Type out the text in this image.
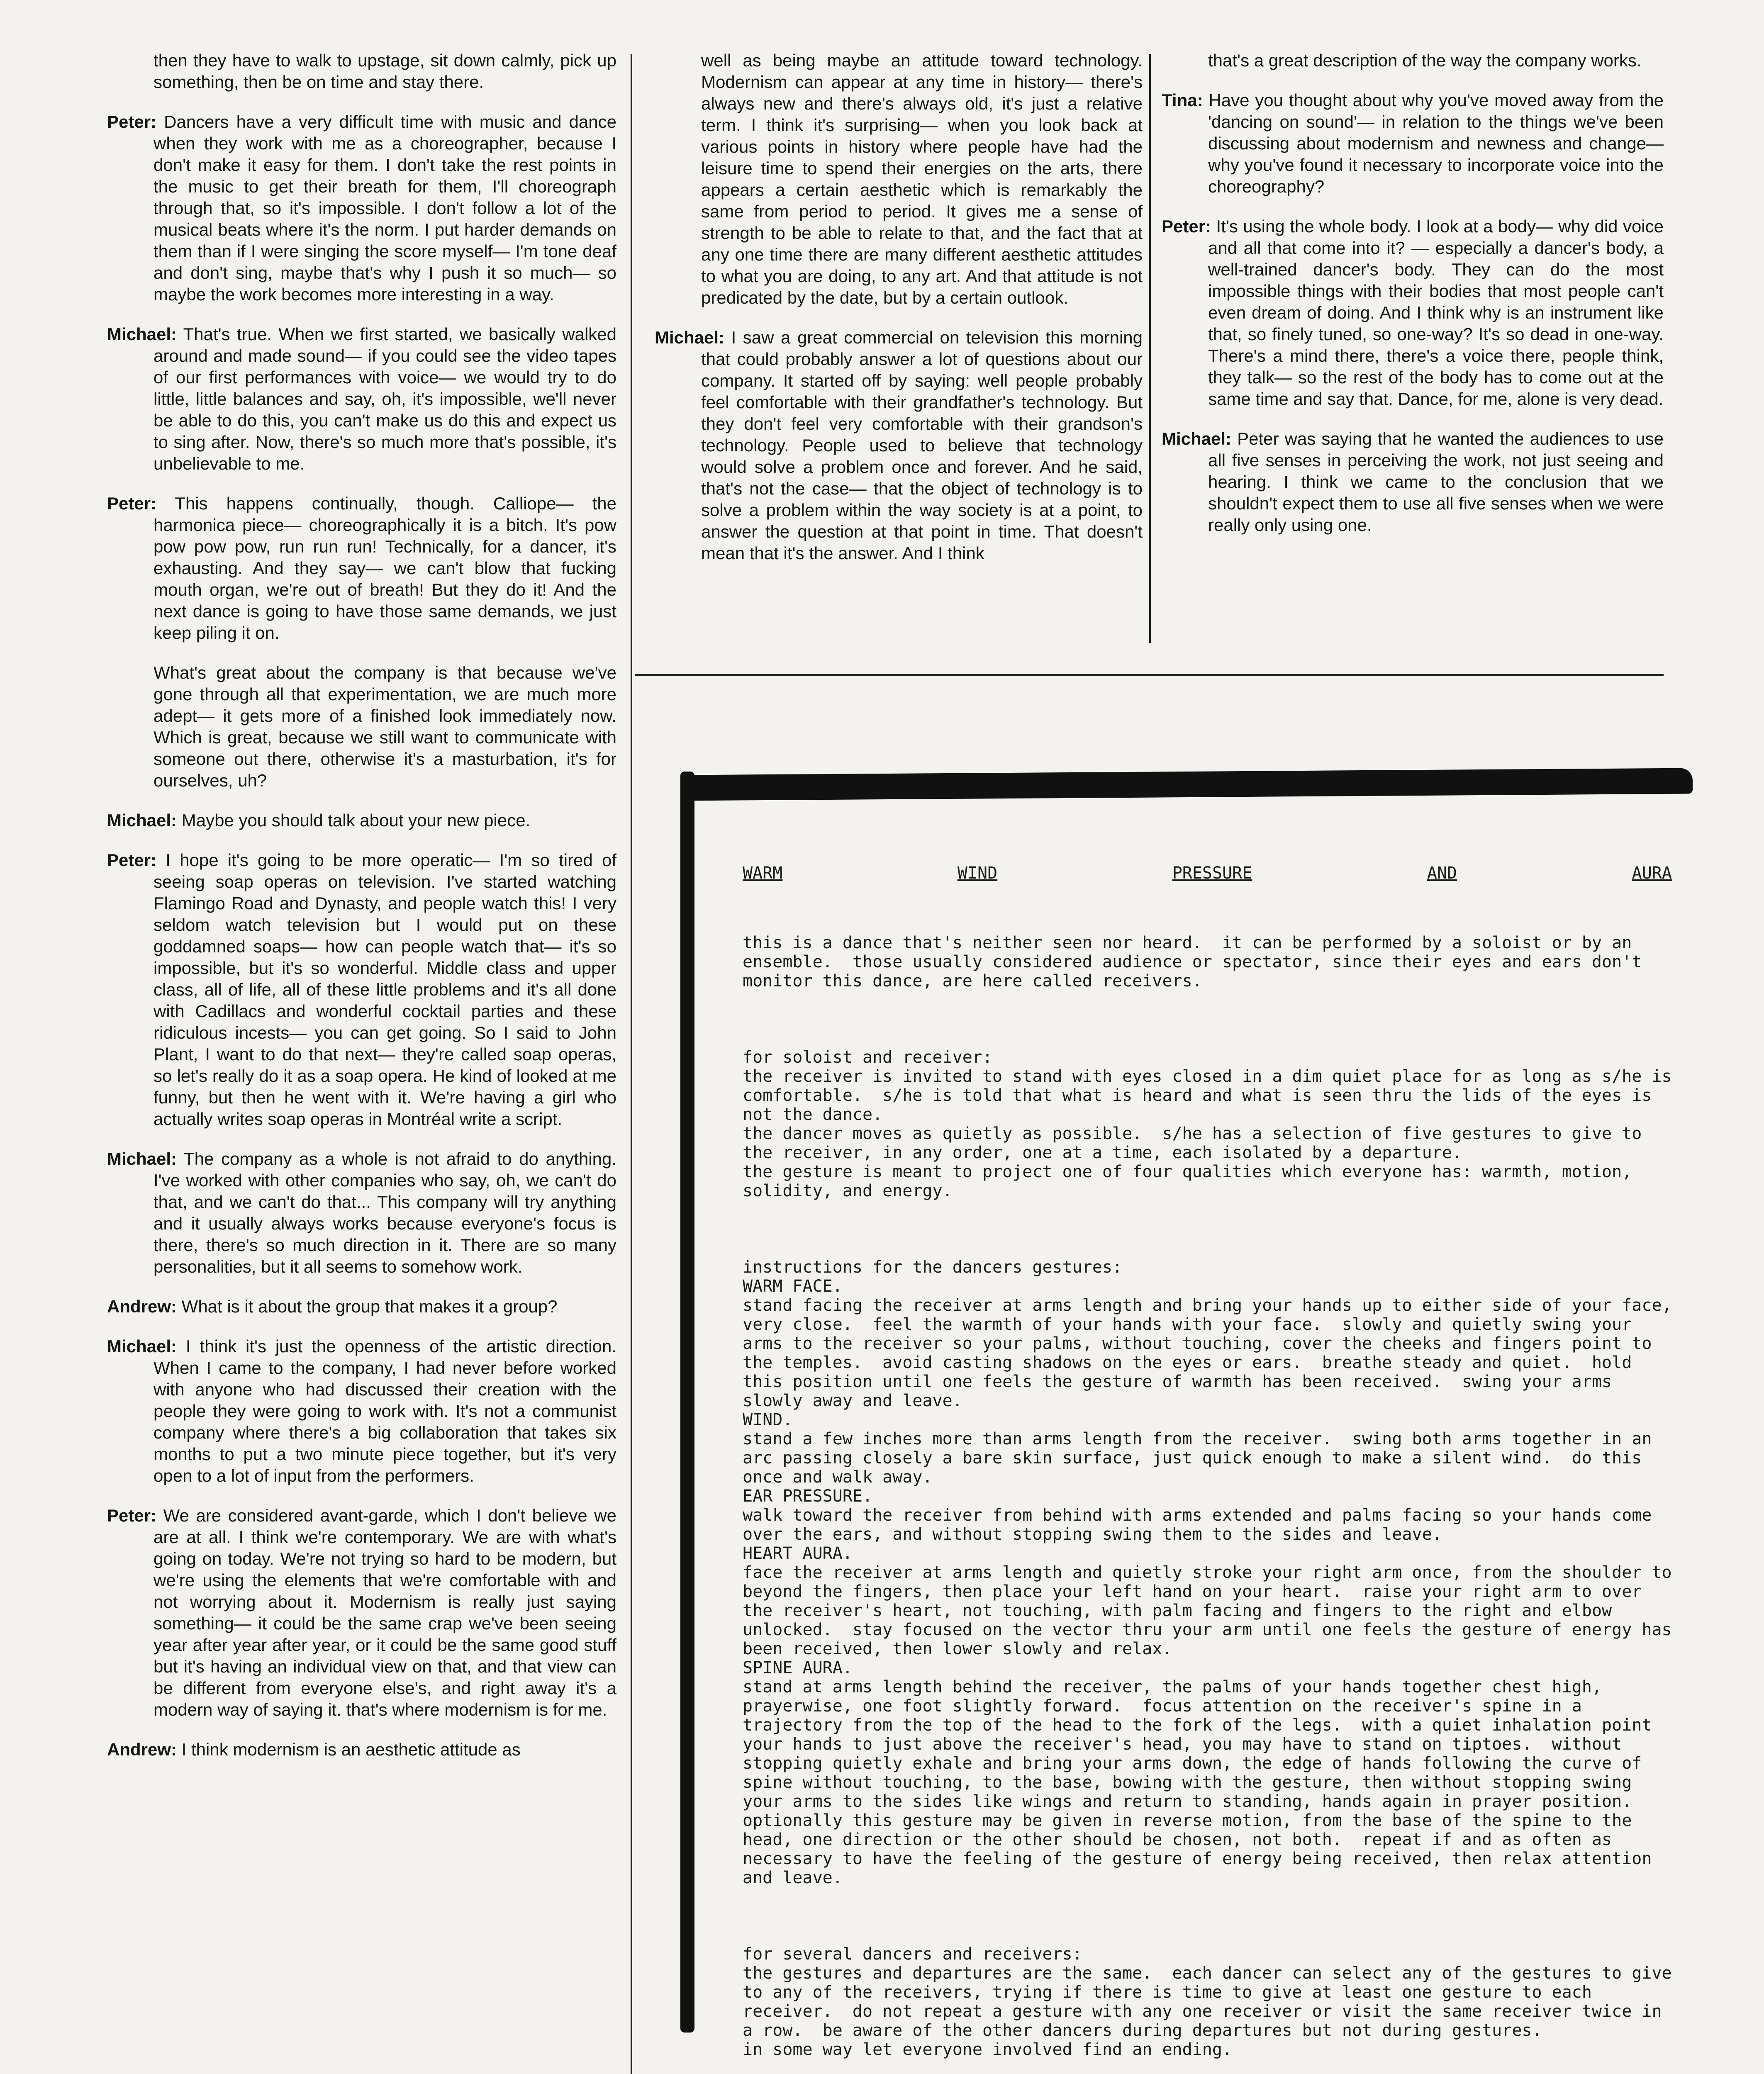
then they have to walk to upstage, sit down calmly, pick up something, then be on time and stay there.
Peter: Dancers have a very difficult time with music and dance when they work with me as a choreographer, because I don't make it easy for them. I don't take the rest points in the music to get their breath for them, I'll choreograph through that, so it's impossible. I don't follow a lot of the musical beats where it's the norm. I put harder demands on them than if I were singing the score myself— I'm tone deaf and don't sing, maybe that's why I push it so much— so maybe the work becomes more interesting in a way.
Michael: That's true. When we first started, we basically walked around and made sound— if you could see the video tapes of our first performances with voice— we would try to do little, little balances and say, oh, it's impossible, we'll never be able to do this, you can't make us do this and expect us to sing after. Now, there's so much more that's possible, it's unbelievable to me.
Peter: This happens continually, though. Calliope— the harmonica piece— choreographically it is a bitch. It's pow pow pow pow, run run run! Technically, for a dancer, it's exhausting. And they say— we can't blow that fucking mouth organ, we're out of breath! But they do it! And the next dance is going to have those same demands, we just keep piling it on.
What's great about the company is that because we've gone through all that experimentation, we are much more adept— it gets more of a finished look immediately now. Which is great, because we still want to communicate with someone out there, otherwise it's a masturbation, it's for ourselves, uh?
Michael: Maybe you should talk about your new piece.
Peter: I hope it's going to be more operatic— I'm so tired of seeing soap operas on television. I've started watching Flamingo Road and Dynasty, and people watch this! I very seldom watch television but I would put on these goddamned soaps— how can people watch that— it's so impossible, but it's so wonderful. Middle class and upper class, all of life, all of these little problems and it's all done with Cadillacs and wonderful cocktail parties and these ridiculous incests— you can get going. So I said to John Plant, I want to do that next— they're called soap operas, so let's really do it as a soap opera. He kind of looked at me funny, but then he went with it. We're having a girl who actually writes soap operas in Montréal write a script.
Michael: The company as a whole is not afraid to do anything. I've worked with other companies who say, oh, we can't do that, and we can't do that... This company will try anything and it usually always works because everyone's focus is there, there's so much direction in it. There are so many personalities, but it all seems to somehow work.
Andrew: What is it about the group that makes it a group?
Michael: I think it's just the openness of the artistic direction. When I came to the company, I had never before worked with anyone who had discussed their creation with the people they were going to work with. It's not a communist company where there's a big collaboration that takes six months to put a two minute piece together, but it's very open to a lot of input from the performers.
Peter: We are considered avant-garde, which I don't believe we are at all. I think we're contemporary. We are with what's going on today. We're not trying so hard to be modern, but we're using the elements that we're comfortable with and not worrying about it. Modernism is really just saying something— it could be the same crap we've been seeing year after year after year, or it could be the same good stuff but it's having an individual view on that, and that view can be different from everyone else's, and right away it's a modern way of saying it. that's where modernism is for me.
Andrew: I think modernism is an aesthetic attitude as
well as being maybe an attitude toward technology. Modernism can appear at any time in history— there's always new and there's always old, it's just a relative term. I think it's surprising— when you look back at various points in history where people have had the leisure time to spend their energies on the arts, there appears a certain aesthetic which is remarkably the same from period to period. It gives me a sense of strength to be able to relate to that, and the fact that at any one time there are many different aesthetic attitudes to what you are doing, to any art. And that attitude is not predicated by the date, but by a certain outlook.
Michael: I saw a great commercial on television this morning that could probably answer a lot of questions about our company. It started off by saying: well people probably feel comfortable with their grandfather's technology. But they don't feel very comfortable with their grandson's technology. People used to believe that technology would solve a problem once and forever. And he said, that's not the case— that the object of technology is to solve a problem within the way society is at a point, to answer the question at that point in time. That doesn't mean that it's the answer. And I think
that's a great description of the way the company works.
Tina: Have you thought about why you've moved away from the 'dancing on sound'— in relation to the things we've been discussing about modernism and newness and change— why you've found it necessary to incorporate voice into the choreography?
Peter: It's using the whole body. I look at a body— why did voice and all that come into it? — especially a dancer's body, a well-trained dancer's body. They can do the most impossible things with their bodies that most people can't even dream of doing. And I think why is an instrument like that, so finely tuned, so one-way? It's so dead in one-way. There's a mind there, there's a voice there, people think, they talk— so the rest of the body has to come out at the same time and say that. Dance, for me, alone is very dead.
Michael: Peter was saying that he wanted the audiences to use all five senses in perceiving the work, not just seeing and hearing. I think we came to the conclusion that we shouldn't expect them to use all five senses when we were really only using one.

WARM	WIND	PRESSURE	AND	AURA

this is a dance that's neither seen nor heard.  it can be performed by a soloist or by an ensemble.  those usually considered audience or spectator, since their eyes and ears don't monitor this dance, are here called receivers.

for soloist and receiver:
the receiver is invited to stand with eyes closed in a dim quiet place for as long as s/he is comfortable.  s/he is told that what is heard and what is seen thru the lids of the eyes is not the dance.
the dancer moves as quietly as possible.  s/he has a selection of five gestures to give to the receiver, in any order, one at a time, each isolated by a departure.
the gesture is meant to project one of four qualities which everyone has: warmth, motion, solidity, and energy.

instructions for the dancers gestures:
WARM FACE.
stand facing the receiver at arms length and bring your hands up to either side of your face, very close.  feel the warmth of your hands with your face.  slowly and quietly swing your arms to the receiver so your palms, without touching, cover the cheeks and fingers point to the temples.  avoid casting shadows on the eyes or ears.  breathe steady and quiet.  hold this position until one feels the gesture of warmth has been received.  swing your arms slowly away and leave.
WIND.
stand a few inches more than arms length from the receiver.  swing both arms together in an arc passing closely a bare skin surface, just quick enough to make a silent wind.  do this once and walk away.
EAR PRESSURE.
walk toward the receiver from behind with arms extended and palms facing so your hands come over the ears, and without stopping swing them to the sides and leave.
HEART AURA.
face the receiver at arms length and quietly stroke your right arm once, from the shoulder to beyond the fingers, then place your left hand on your heart.  raise your right arm to over the receiver's heart, not touching, with palm facing and fingers to the right and elbow unlocked.  stay focused on the vector thru your arm until one feels the gesture of energy has been received, then lower slowly and relax.
SPINE AURA.
stand at arms length behind the receiver, the palms of your hands together chest high, prayerwise, one foot slightly forward.  focus attention on the receiver's spine in a trajectory from the top of the head to the fork of the legs.  with a quiet inhalation point your hands to just above the receiver's head, you may have to stand on tiptoes.  without stopping quietly exhale and bring your arms down, the edge of hands following the curve of spine without touching, to the base, bowing with the gesture, then without stopping swing your arms to the sides like wings and return to standing, hands again in prayer position. optionally this gesture may be given in reverse motion, from the base of the spine to the head, one direction or the other should be chosen, not both.  repeat if and as often as necessary to have the feeling of the gesture of energy being received, then relax attention and leave.

for several dancers and receivers:
the gestures and departures are the same.  each dancer can select any of the gestures to give to any of the receivers, trying if there is time to give at least one gesture to each receiver.  do not repeat a gesture with any one receiver or visit the same receiver twice in a row.  be aware of the other dancers during departures but not during gestures.
in some way let everyone involved find an ending.
